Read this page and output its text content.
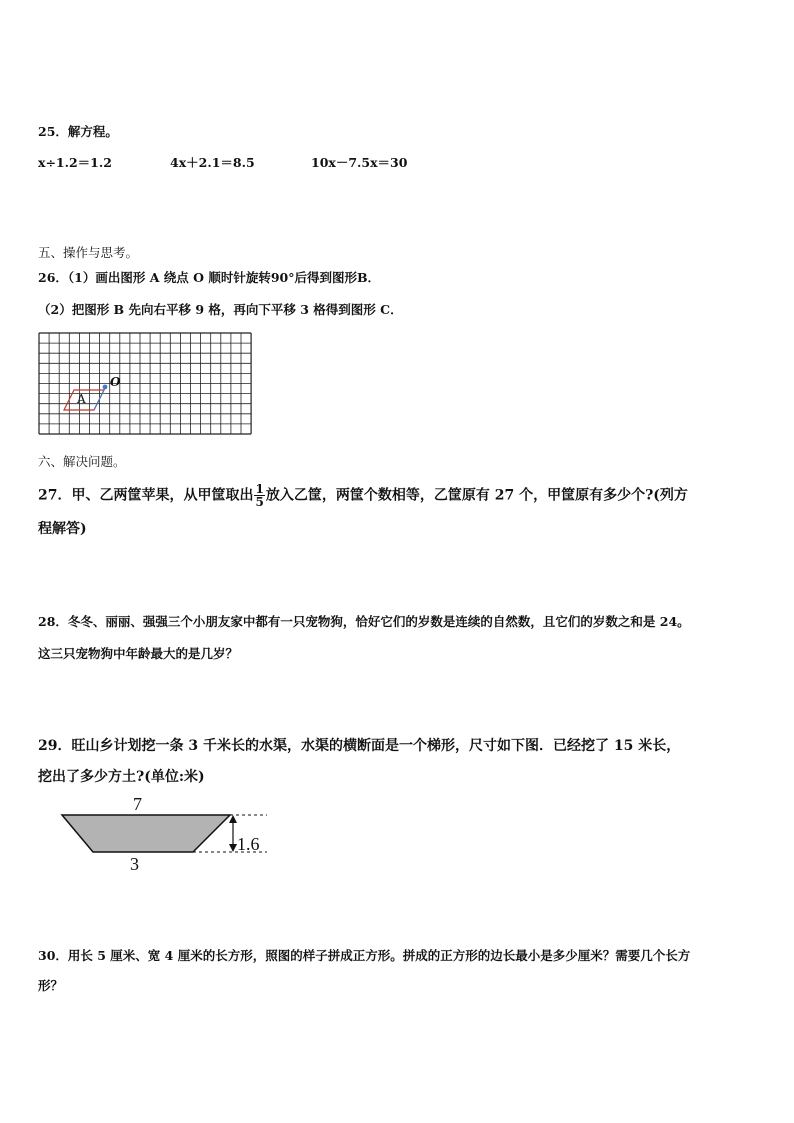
25．解方程。
x÷1.2＝1.2	4x＋2.1＝8.5	10x－7.5x＝30
五、操作与思考。
26．（1）画出图形 A 绕点 O 顺时针旋转90°后得到图形B．
（2）把图形 B 先向右平移 9 格，再向下平移 3 格得到图形 C．
A
O
六、解决问题。
27．甲、乙两筐苹果，从甲筐取出 $\frac{1}{5}$ 放入乙筐，两筐个数相等，乙筐原有 27 个，甲筐原有多少个?(列方
程解答)
28．冬冬、丽丽、强强三个小朋友家中都有一只宠物狗，恰好它们的岁数是连续的自然数，且它们的岁数之和是 24。
这三只宠物狗中年龄最大的是几岁？
29．旺山乡计划挖一条 3 千米长的水渠，水渠的横断面是一个梯形，尺寸如下图．已经挖了 15 米长，
挖出了多少方土?(单位:米)
7
3
1.6
30．用长 5 厘米、宽 4 厘米的长方形，照图的样子拼成正方形。拼成的正方形的边长最小是多少厘米？需要几个长方
形？
